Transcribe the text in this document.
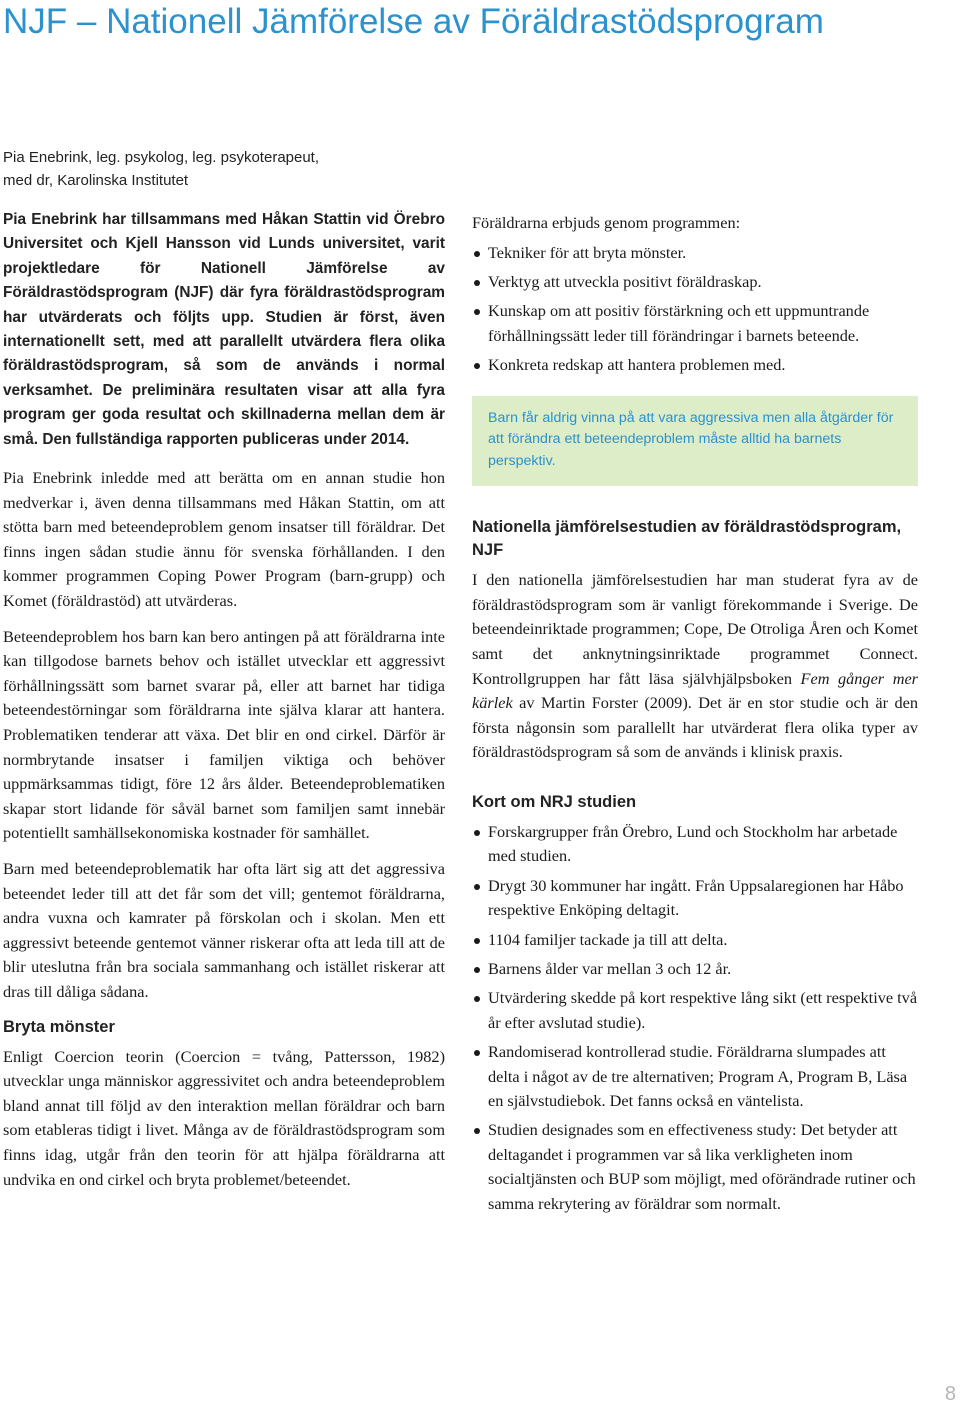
NJF – Nationell Jämförelse av Föräldrastödsprogram
Pia Enebrink, leg. psykolog, leg. psykoterapeut,
med dr, Karolinska Institutet

Pia Enebrink har tillsammans med Håkan Stattin vid Örebro Universitet och Kjell Hansson vid Lunds universitet, varit projektledare för Nationell Jämförelse av Föräldrastödsprogram (NJF) där fyra föräldrastödsprogram har utvärderats och följts upp. Studien är först, även internationellt sett, med att parallellt utvärdera flera olika föräldrastödsprogram, så som de används i normal verksamhet. De preliminära resultaten visar att alla fyra program ger goda resultat och skillnaderna mellan dem är små. Den fullständiga rapporten publiceras under 2014.

Pia Enebrink inledde med att berätta om en annan studie hon medverkar i, även denna tillsammans med Håkan Stattin, om att stötta barn med beteendeproblem genom insatser till föräldrar. Det finns ingen sådan studie ännu för svenska förhållanden. I den kommer programmen Coping Power Program (barn-grupp) och Komet (föräldrastöd) att utvärderas.

Beteendeproblem hos barn kan bero antingen på att föräldrarna inte kan tillgodose barnets behov och istället utvecklar ett aggressivt förhållningssätt som barnet svarar på, eller att barnet har tidiga beteendestörningar som föräldrarna inte själva klarar att hantera. Problematiken tenderar att växa. Det blir en ond cirkel. Därför är normbrytande insatser i familjen viktiga och behöver uppmärksammas tidigt, före 12 års ålder. Beteendeproblematiken skapar stort lidande för såväl barnet som familjen samt innebär potentiellt samhällsekonomiska kostnader för samhället.

Barn med beteendeproblematik har ofta lärt sig att det aggressiva beteendet leder till att det får som det vill; gentemot föräldrarna, andra vuxna och kamrater på förskolan och i skolan. Men ett aggressivt beteende gentemot vänner riskerar ofta att leda till att de blir uteslutna från bra sociala sammanhang och istället riskerar att dras till dåliga sådana.

Bryta mönster

Enligt Coercion teorin (Coercion = tvång, Pattersson, 1982) utvecklar unga människor aggressivitet och andra beteendeproblem bland annat till följd av den interaktion mellan föräldrar och barn som etableras tidigt i livet. Många av de föräldrastödsprogram som finns idag, utgår från den teorin för att hjälpa föräldrarna att undvika en ond cirkel och bryta problemet/beteendet.

Föräldrarna erbjuds genom programmen:

Tekniker för att bryta mönster.
Verktyg att utveckla positivt föräldraskap.
Kunskap om att positiv förstärkning och ett uppmuntrande förhållningssätt leder till förändringar i barnets beteende.
Konkreta redskap att hantera problemen med.
Barn får aldrig vinna på att vara aggressiva men alla åtgärder för att förändra ett beteendeproblem måste alltid ha barnets perspektiv.
Nationella jämförelsestudien av föräldrastödsprogram, NJF

I den nationella jämförelsestudien har man studerat fyra av de föräldrastödsprogram som är vanligt förekommande i Sverige. De beteendeinriktade programmen; Cope, De Otroliga Åren och Komet samt det anknytningsinriktade programmet Connect. Kontrollgruppen har fått läsa självhjälpsboken Fem gånger mer kärlek av Martin Forster (2009). Det är en stor studie och är den första någonsin som parallellt har utvärderat flera olika typer av föräldrastödsprogram så som de används i klinisk praxis.

Kort om NRJ studien
Forskargrupper från Örebro, Lund och Stockholm har arbetade med studien.
Drygt 30 kommuner har ingått. Från Uppsalaregionen har Håbo respektive Enköping deltagit.
1104 familjer tackade ja till att delta.
Barnens ålder var mellan 3 och 12 år.
Utvärdering skedde på kort respektive lång sikt (ett respektive två år efter avslutad studie).
Randomiserad kontrollerad studie. Föräldrarna slumpades att delta i något av de tre alternativen; Program A, Program B, Läsa en självstudiebok. Det fanns också en väntelista.
Studien designades som en effectiveness study: Det betyder att deltagandet i programmen var så lika verkligheten inom socialtjänsten och BUP som möjligt, med oförändrade rutiner och samma rekrytering av föräldrar som normalt.
8
